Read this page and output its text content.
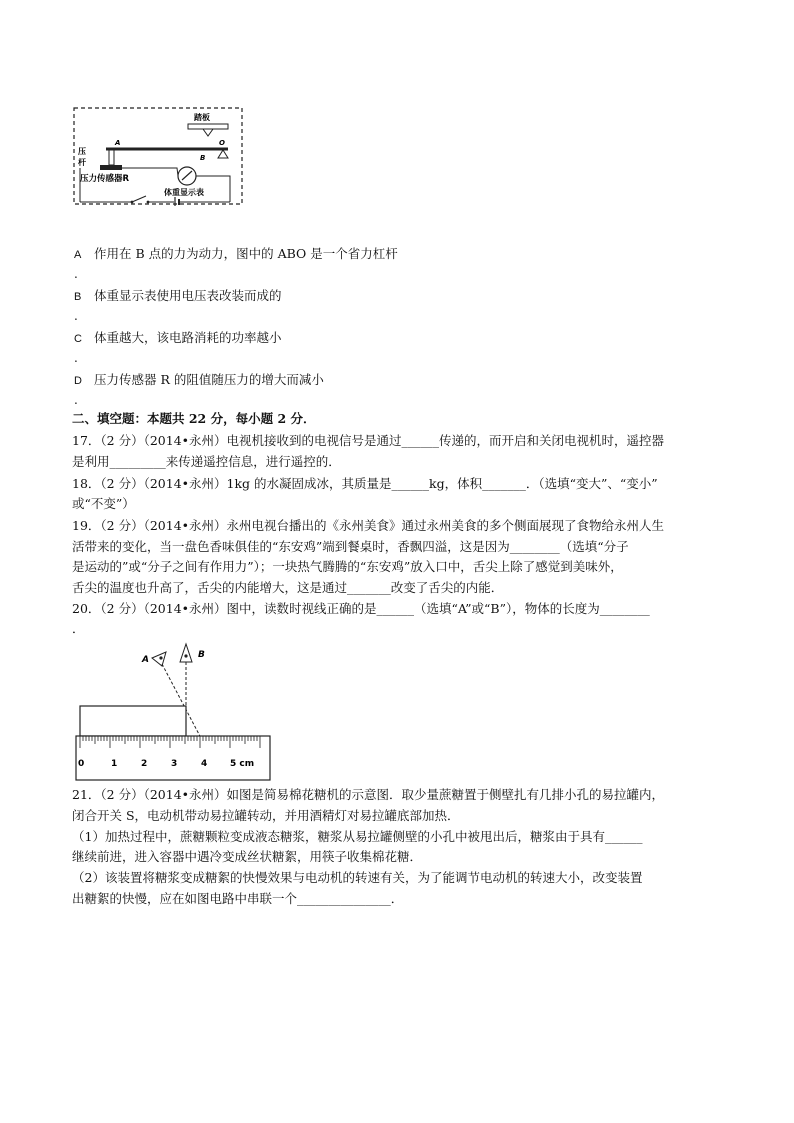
踏板
O
A
B
压
杆
压力传感器R
体重显示表
A 作用在 B 点的力为动力，图中的 ABO 是一个省力杠杆
.
B 体重显示表使用电压表改装而成的
.
C 体重越大，该电路消耗的功率越小
.
D 压力传感器 R 的阻值随压力的增大而减小
.
二、填空题：本题共 22 分，每小题 2 分．
17．（2 分）（2014•永州）电视机接收到的电视信号是通过______传递的，而开启和关闭电视机时，遥控器
是利用_________来传递遥控信息，进行遥控的．
18．（2 分）（2014•永州）1kg 的水凝固成冰，其质量是______kg，体积_______．（选填“变大”、“变小”
或“不变”）
19．（2 分）（2014•永州）永州电视台播出的《永州美食》通过永州美食的多个侧面展现了食物给永州人生
活带来的变化，当一盘色香味俱佳的“东安鸡”端到餐桌时，香飘四溢，这是因为________（选填“分子
是运动的”或“分子之间有作用力”）；一块热气腾腾的“东安鸡”放入口中，舌尖上除了感觉到美味外，
舌尖的温度也升高了，舌尖的内能增大，这是通过_______改变了舌尖的内能．
20．（2 分）（2014•永州）图中，读数时视线正确的是______（选填“A”或“B”），物体的长度为________
．
A	B
0	1	2	3	4	5 cm
21．（2 分）（2014•永州）如图是简易棉花糖机的示意图．取少量蔗糖置于侧壁扎有几排小孔的易拉罐内，
闭合开关 S，电动机带动易拉罐转动，并用酒精灯对易拉罐底部加热．
（1）加热过程中，蔗糖颗粒变成液态糖浆，糖浆从易拉罐侧壁的小孔中被甩出后，糖浆由于具有______
继续前进，进入容器中遇冷变成丝状糖絮，用筷子收集棉花糖．
（2）该装置将糖浆变成糖絮的快慢效果与电动机的转速有关，为了能调节电动机的转速大小，改变装置
出糖絮的快慢，应在如图电路中串联一个_______________．
